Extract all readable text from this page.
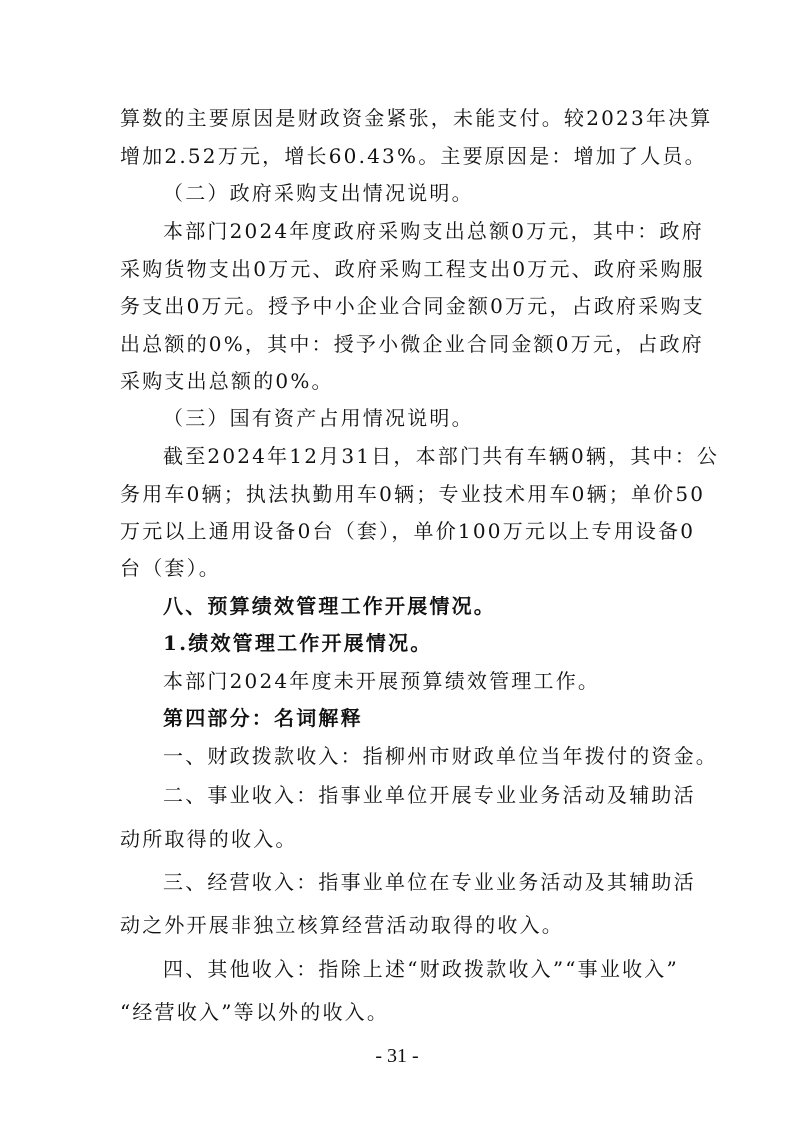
算数的主要原因是财政资金紧张，未能支付。较2023年决算
增加2.52万元，增长60.43%。主要原因是：增加了人员。
（二）政府采购支出情况说明。
本部门2024年度政府采购支出总额0万元，其中：政府
采购货物支出0万元、政府采购工程支出0万元、政府采购服
务支出0万元。授予中小企业合同金额0万元，占政府采购支
出总额的0%，其中：授予小微企业合同金额0万元，占政府
采购支出总额的0%。
（三）国有资产占用情况说明。
截至2024年12月31日，本部门共有车辆0辆，其中：公
务用车0辆；执法执勤用车0辆；专业技术用车0辆；单价50
万元以上通用设备0台（套），单价100万元以上专用设备0
台（套）。
八、预算绩效管理工作开展情况。
1.绩效管理工作开展情况。
本部门2024年度未开展预算绩效管理工作。
第四部分：名词解释
一、财政拨款收入：指柳州市财政单位当年拨付的资金。
二、事业收入：指事业单位开展专业业务活动及辅助活
动所取得的收入。
三、经营收入：指事业单位在专业业务活动及其辅助活
动之外开展非独立核算经营活动取得的收入。
四、其他收入：指除上述“财政拨款收入”“事业收入”
“经营收入”等以外的收入。
- 31 -
